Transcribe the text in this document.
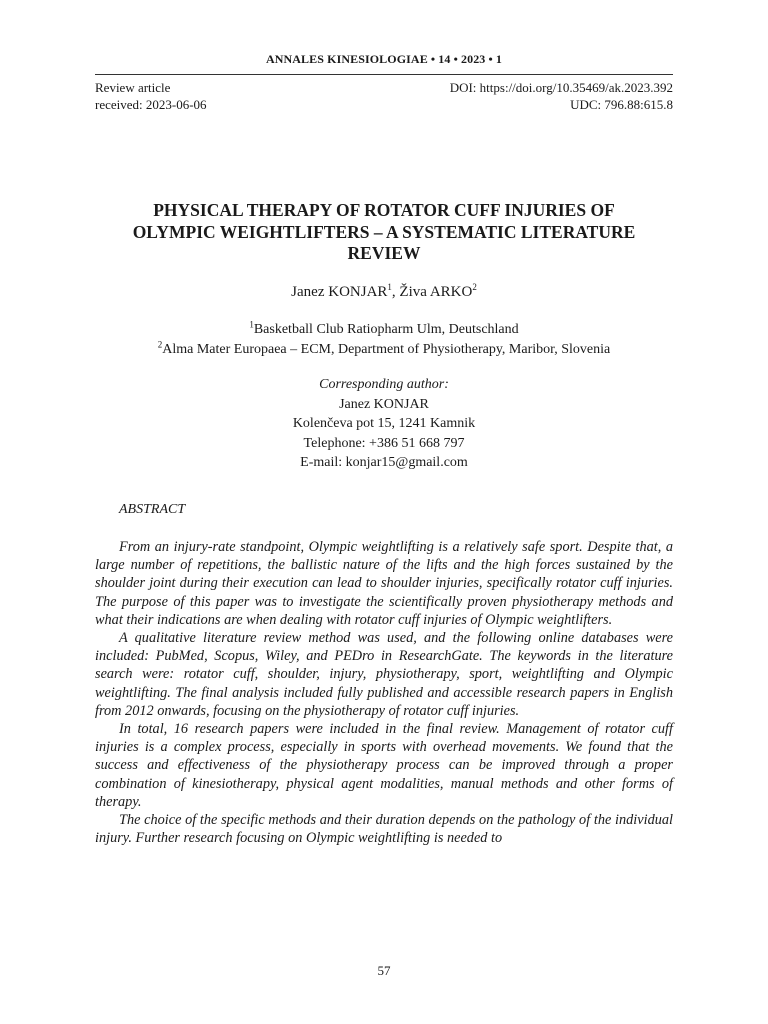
ANNALES KINESIOLOGIAE • 14 • 2023 • 1
Review article	DOI: https://doi.org/10.35469/ak.2023.392
received: 2023-06-06	UDC: 796.88:615.8
PHYSICAL THERAPY OF ROTATOR CUFF INJURIES OF
OLYMPIC WEIGHTLIFTERS – A SYSTEMATIC LITERATURE
REVIEW
Janez KONJAR$^1$, Živa ARKO$^2$
$^1$Basketball Club Ratiopharm Ulm, Deutschland
$^2$Alma Mater Europaea – ECM, Department of Physiotherapy, Maribor, Slovenia
Corresponding author:
Janez KONJAR
Kolenčeva pot 15, 1241 Kamnik
Telephone: +386 51 668 797
E-mail: konjar15@gmail.com
ABSTRACT

From an injury-rate standpoint, Olympic weightlifting is a relatively safe sport. Despite that, a large number of repetitions, the ballistic nature of the lifts and the high forces sustained by the shoulder joint during their execution can lead to shoulder injuries, specifically rotator cuff injuries. The purpose of this paper was to investigate the scientifically proven physiotherapy methods and what their indications are when dealing with rotator cuff injuries of Olympic weightlifters.

A qualitative literature review method was used, and the following online databases were included: PubMed, Scopus, Wiley, and PEDro in ResearchGate. The keywords in the literature search were: rotator cuff, shoulder, injury, physiotherapy, sport, weightlifting and Olympic weightlifting. The final analysis included fully published and accessible research papers in English from 2012 onwards, focusing on the physiotherapy of rotator cuff injuries.

In total, 16 research papers were included in the final review. Management of rotator cuff injuries is a complex process, especially in sports with overhead movements. We found that the success and effectiveness of the physiotherapy process can be improved through a proper combination of kinesiotherapy, physical agent modalities, manual methods and other forms of therapy.

The choice of the specific methods and their duration depends on the pathology of the individual injury. Further research focusing on Olympic weightlifting is needed to

57
